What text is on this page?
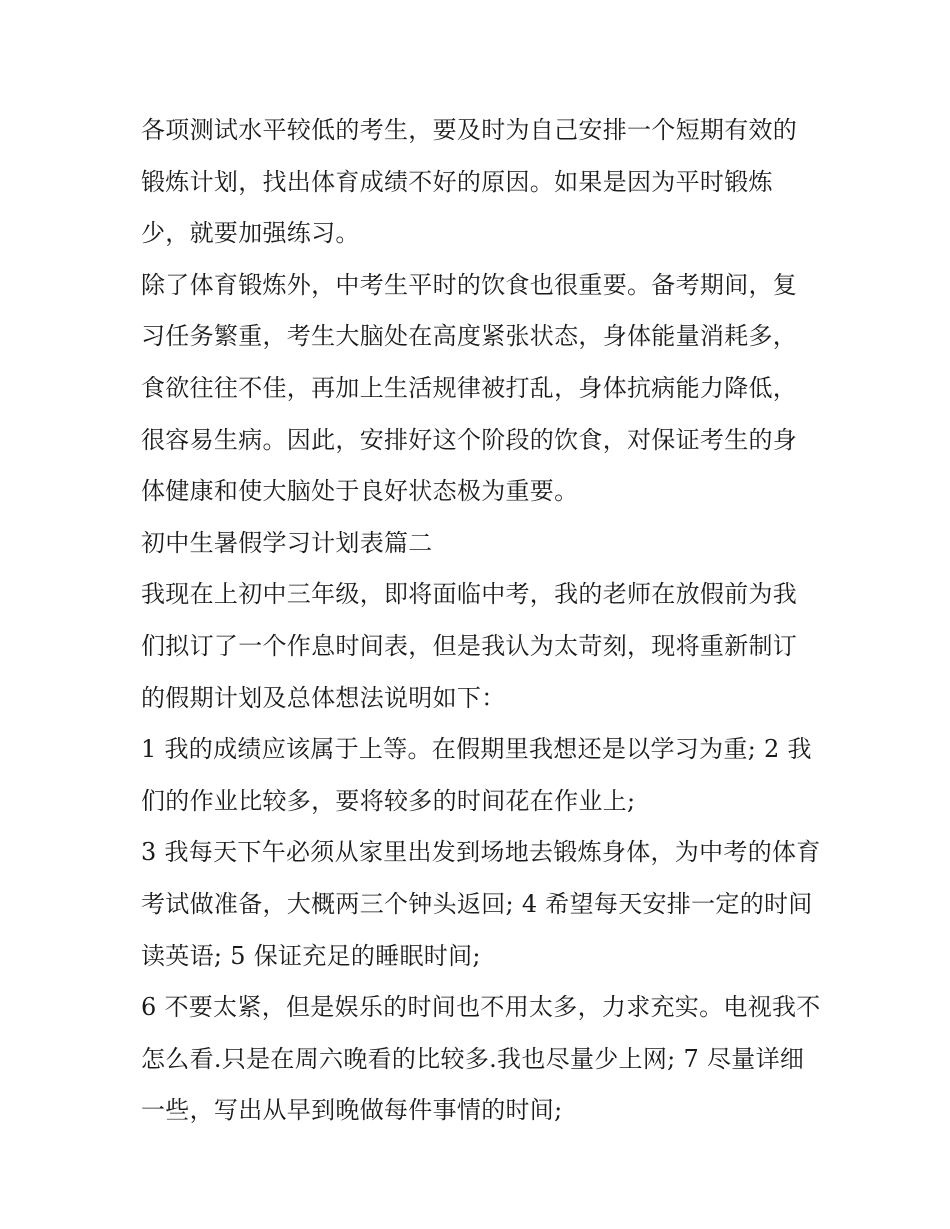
各项测试水平较低的考生，要及时为自己安排一个短期有效的锻炼计划，找出体育成绩不好的原因。如果是因为平时锻炼少，就要加强练习。

除了体育锻炼外，中考生平时的饮食也很重要。备考期间，复习任务繁重，考生大脑处在高度紧张状态，身体能量消耗多，食欲往往不佳，再加上生活规律被打乱，身体抗病能力降低，很容易生病。因此，安排好这个阶段的饮食，对保证考生的身体健康和使大脑处于良好状态极为重要。

初中生暑假学习计划表篇二

我现在上初中三年级，即将面临中考，我的老师在放假前为我们拟订了一个作息时间表，但是我认为太苛刻，现将重新制订的假期计划及总体想法说明如下：

1 我的成绩应该属于上等。在假期里我想还是以学习为重; 2 我们的作业比较多，要将较多的时间花在作业上;

3 我每天下午必须从家里出发到场地去锻炼身体，为中考的体育考试做准备，大概两三个钟头返回; 4 希望每天安排一定的时间读英语; 5 保证充足的睡眠时间;

6 不要太紧，但是娱乐的时间也不用太多，力求充实。电视我不怎么看.只是在周六晚看的比较多.我也尽量少上网; 7 尽量详细一些，写出从早到晚做每件事情的时间;
